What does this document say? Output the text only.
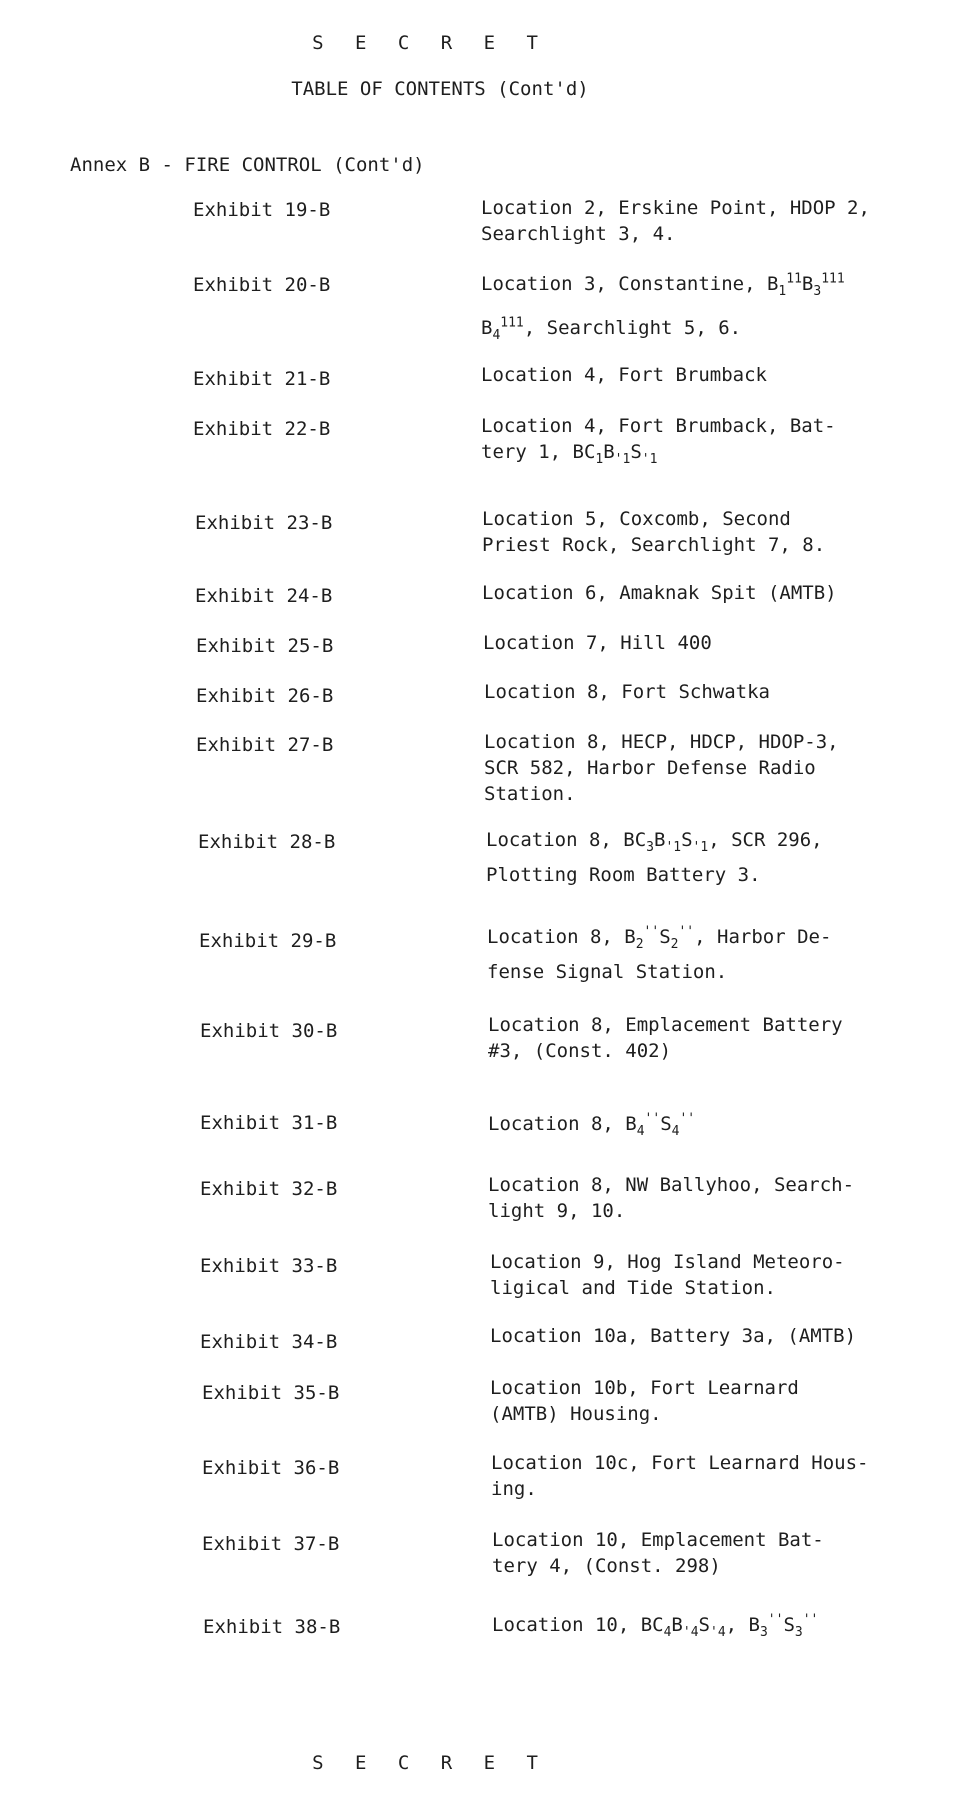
S E C R E T
TABLE OF CONTENTS (Cont'd)
Annex B - FIRE CONTROL (Cont'd)
Exhibit 19-B	Location 2, Erskine Point, HDOP 2,
Searchlight 3, 4.
Exhibit 20-B	Location 3, Constantine, $B_1^{11}B_3^{111}$
$B_4^{111}$, Searchlight 5, 6.
Exhibit 21-B	Location 4, Fort Brumback
Exhibit 22-B	Location 4, Fort Brumback, Bat-
tery 1, $BC_1B_{'1}S_{'1}$
Exhibit 23-B	Location 5, Coxcomb, Second
Priest Rock, Searchlight 7, 8.
Exhibit 24-B	Location 6, Amaknak Spit (AMTB)
Exhibit 25-B	Location 7, Hill 400
Exhibit 26-B	Location 8, Fort Schwatka
Exhibit 27-B	Location 8, HECP, HDCP, HDOP-3,
SCR 582, Harbor Defense Radio
Station.
Exhibit 28-B	Location 8, $BC_3B_{'1}S_{'1}$, SCR 296,
Plotting Room Battery 3.
Exhibit 29-B	Location 8, $B_2''S_2''$, Harbor De-
fense Signal Station.
Exhibit 30-B	Location 8, Emplacement Battery
#3, (Const. 402)
Exhibit 31-B	Location 8, $B_4''S_4''$
Exhibit 32-B	Location 8, NW Ballyhoo, Search-
light 9, 10.
Exhibit 33-B	Location 9, Hog Island Meteoro-
ligical and Tide Station.
Exhibit 34-B	Location 10a, Battery 3a, (AMTB)
Exhibit 35-B	Location 10b, Fort Learnard
(AMTB) Housing.
Exhibit 36-B	Location 10c, Fort Learnard Hous-
ing.
Exhibit 37-B	Location 10, Emplacement Bat-
tery 4, (Const. 298)
Exhibit 38-B	Location 10, $BC_4B_{'4}S_{'4}$, $B_3''S_3''$
S E C R E T
